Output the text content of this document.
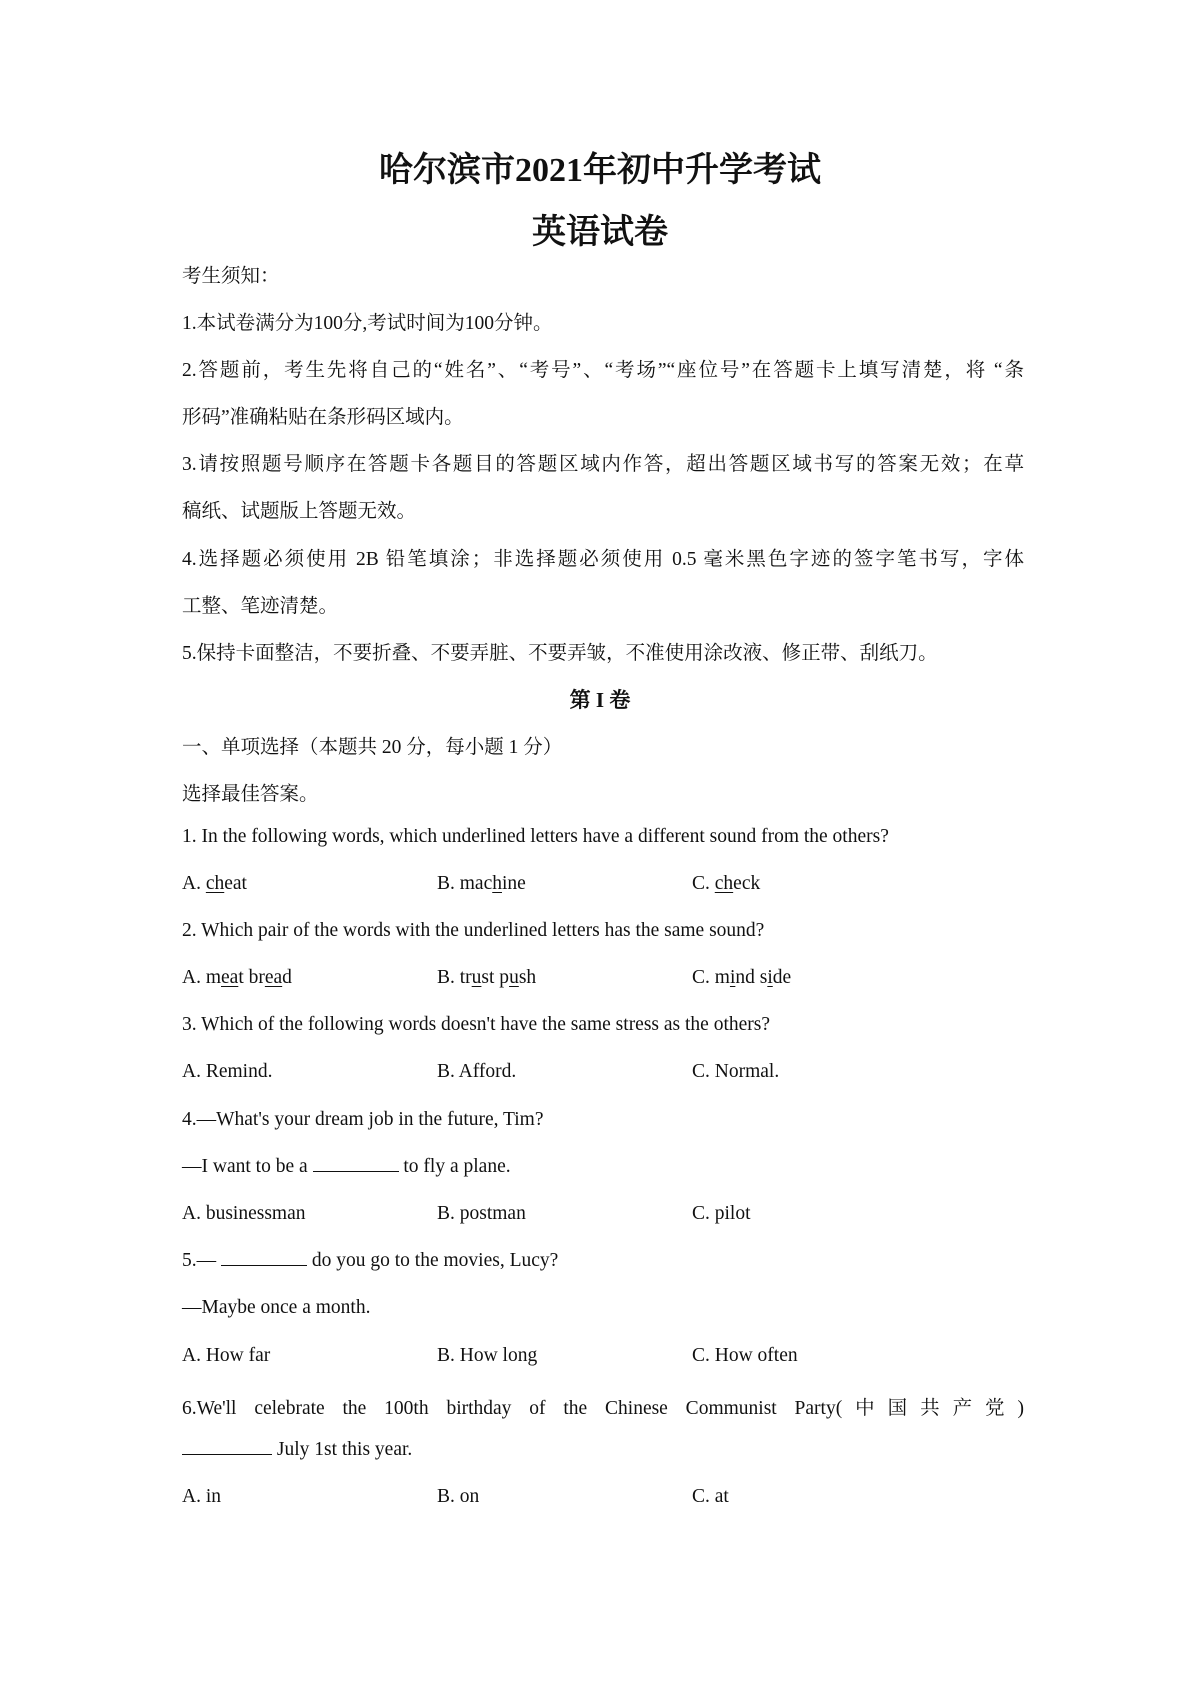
哈尔滨市2021年初中升学考试
英语试卷
考生须知：
1.本试卷满分为100分,考试时间为100分钟。
2.答题前，考生先将自己的“姓名”、“考号”、“考场”“座位号”在答题卡上填写清楚，将 “条
形码”准确粘贴在条形码区域内。
3.请按照题号顺序在答题卡各题目的答题区域内作答，超出答题区域书写的答案无效；在草
稿纸、试题版上答题无效。
4.选择题必须使用 2B 铅笔填涂；非选择题必须使用 0.5 毫米黑色字迹的签字笔书写，字体
工整、笔迹清楚。
5.保持卡面整洁，不要折叠、不要弄脏、不要弄皱，不准使用涂改液、修正带、刮纸刀。
第 I 卷
一、单项选择（本题共 20 分，每小题 1 分）
选择最佳答案。
1. In the following words, which underlined letters have a different sound from the others?
A. cheat	B. machine	C. check
2. Which pair of the words with the underlined letters has the same sound?
A. meat bread	B. trust push	C. mind side
3. Which of the following words doesn't have the same stress as the others?
A. Remind.	B. Afford.	C. Normal.
4.—What's your dream job in the future, Tim?
—I want to be a	to fly a plane.
A. businessman	B. postman	C. pilot
5.—	do you go to the movies, Lucy?
—Maybe once a month.
A. How far	B. How long	C. How often
6.We'll celebrate the 100th birthday of the Chinese Communist Party(中国共产党)
July 1st this year.
A. in	B. on	C. at
